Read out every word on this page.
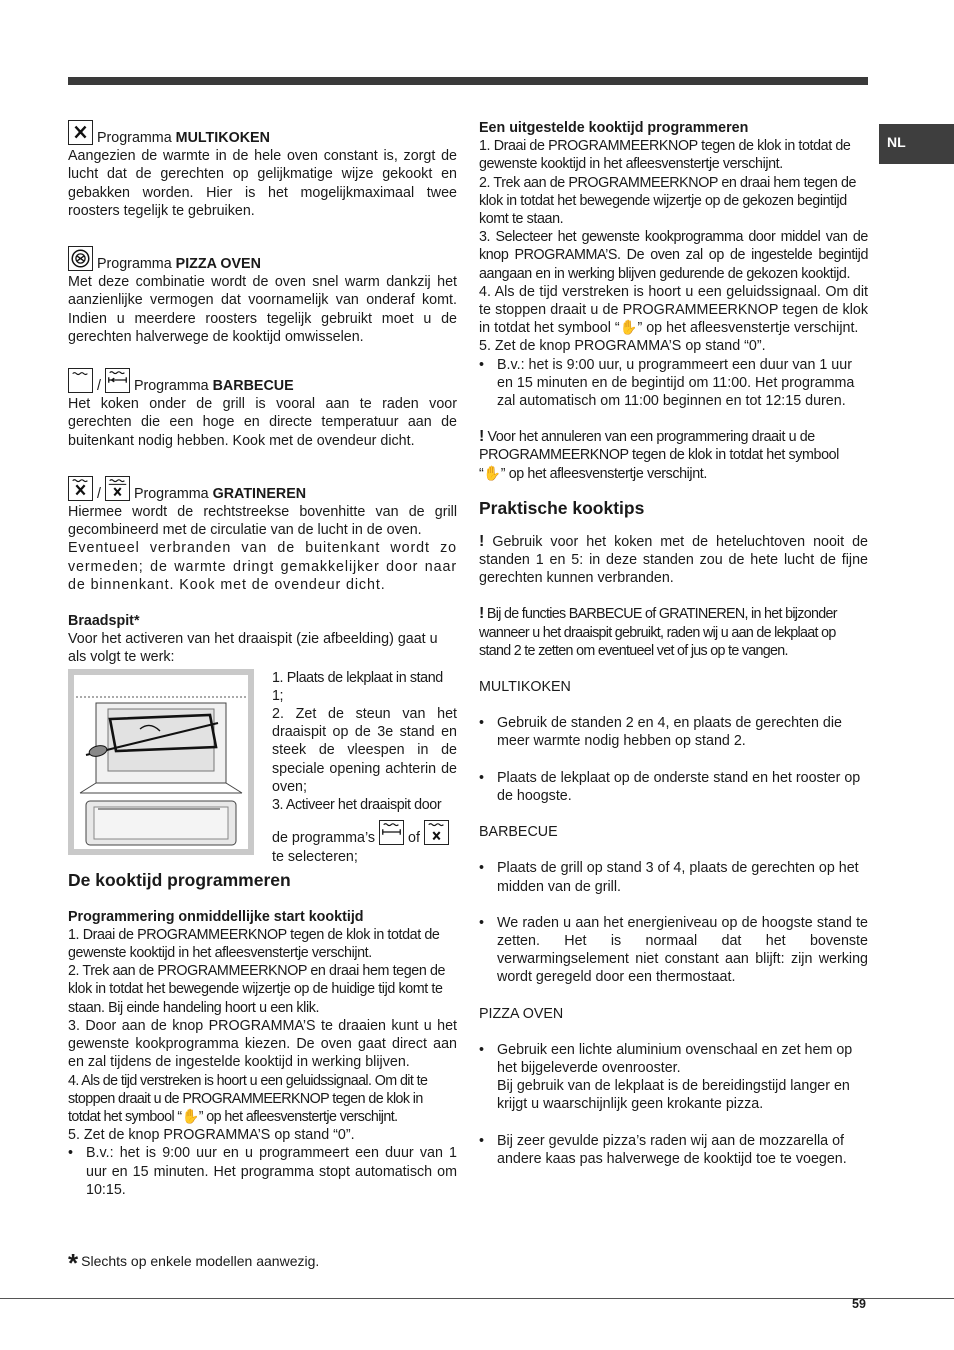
NL

Programma MULTIKOKEN

Aangezien de warmte in de hele oven constant is, zorgt de lucht dat de gerechten op gelijkmatige wijze gekookt en gebakken worden. Hier is het mogelijkmaximaal twee roosters tegelijk te gebruiken.

Programma PIZZA OVEN

Met deze combinatie wordt de oven snel warm dankzij het aanzienlijke vermogen dat voornamelijk van onderaf komt. Indien u meerdere roosters tegelijk gebruikt moet u de gerechten halverwege de kooktijd omwisselen.

/ Programma BARBECUE

Het koken onder de grill is vooral aan te raden voor gerechten die een hoge en directe temperatuur aan de buitenkant nodig hebben. Kook met de ovendeur dicht.

/ Programma GRATINEREN

Hiermee wordt de rechtstreekse bovenhitte van de grill gecombineerd met de circulatie van de lucht in de oven.

Eventueel verbranden van de buitenkant wordt zo vermeden; de warmte dringt gemakkelijker door naar de binnenkant. Kook met de ovendeur dicht.

Braadspit*

Voor het activeren van het draaispit (zie afbeelding) gaat u als volgt te werk:

1. Plaats de lekplaat in stand 1;

2. Zet de steun van het draaispit op de 3e stand en steek de vleespen in de speciale opening achterin de oven;

3. Activeer het draaispit door

de programma’s of

te selecteren;

De kooktijd programmeren

Programmering onmiddellijke start kooktijd

1. Draai de PROGRAMMEERKNOP tegen de klok in totdat de gewenste kooktijd in het afleesvenstertje verschijnt.

2. Trek aan de PROGRAMMEERKNOP en draai hem tegen de klok in totdat het bewegende wijzertje op de huidige tijd komt te staan. Bij einde handeling hoort u een klik.

3. Door aan de knop PROGRAMMA’S te draaien kunt u het gewenste kookprogramma kiezen. De oven gaat direct aan en zal tijdens de ingestelde kooktijd in werking blijven.

4. Als de tijd verstreken is hoort u een geluidssignaal. Om dit te stoppen draait u de PROGRAMMEERKNOP tegen de klok in totdat het symbool “✋” op het afleesvenstertje verschijnt.

5. Zet de knop PROGRAMMA’S op stand “0”.

• B.v.: het is 9:00 uur en u programmeert een duur van 1 uur en 15 minuten. Het programma stopt automatisch om 10:15.

Een uitgestelde kooktijd programmeren

1. Draai de PROGRAMMEERKNOP tegen de klok in totdat de gewenste kooktijd in het afleesvenstertje verschijnt.

2. Trek aan de PROGRAMMEERKNOP en draai hem tegen de klok in totdat het bewegende wijzertje op de gekozen begintijd komt te staan.

3. Selecteer het gewenste kookprogramma door middel van de knop PROGRAMMA’S. De oven zal op de ingestelde begintijd aangaan en in werking blijven gedurende de gekozen kooktijd.

4. Als de tijd verstreken is hoort u een geluidssignaal. Om dit te stoppen draait u de PROGRAMMEERKNOP tegen de klok in totdat het symbool “✋” op het afleesvenstertje verschijnt.

5. Zet de knop PROGRAMMA’S op stand “0”.

• B.v.: het is 9:00 uur, u programmeert een duur van 1 uur en 15 minuten en de begintijd om 11:00. Het programma zal automatisch om 11:00 beginnen en tot 12:15 duren.

! Voor het annuleren van een programmering draait u de PROGRAMMEERKNOP tegen de klok in totdat het symbool “✋” op het afleesvenstertje verschijnt.

Praktische kooktips

! Gebruik voor het koken met de heteluchtoven nooit de standen 1 en 5: in deze standen zou de hete lucht de fijne gerechten kunnen verbranden.

! Bij de functies BARBECUE of GRATINEREN, in het bijzonder wanneer u het draaispit gebruikt, raden wij u aan de lekplaat op stand 2 te zetten om eventueel vet of jus op te vangen.

MULTIKOKEN

• Gebruik de standen 2 en 4, en plaats de gerechten die meer warmte nodig hebben op stand 2.

• Plaats de lekplaat op de onderste stand en het rooster op de hoogste.

BARBECUE

• Plaats de grill op stand 3 of 4, plaats de gerechten op het midden van de grill.

• We raden u aan het energieniveau op de hoogste stand te zetten. Het is normaal dat het bovenste verwarmingselement niet constant aan blijft: zijn werking wordt geregeld door een thermostaat.

PIZZA OVEN

• Gebruik een lichte aluminium ovenschaal en zet hem op het bijgeleverde ovenrooster.

Bij gebruik van de lekplaat is de bereidingstijd langer en krijgt u waarschijnlijk geen krokante pizza.

• Bij zeer gevulde pizza’s raden wij aan de mozzarella of andere kaas pas halverwege de kooktijd toe te voegen.

* Slechts op enkele modellen aanwezig.
59
